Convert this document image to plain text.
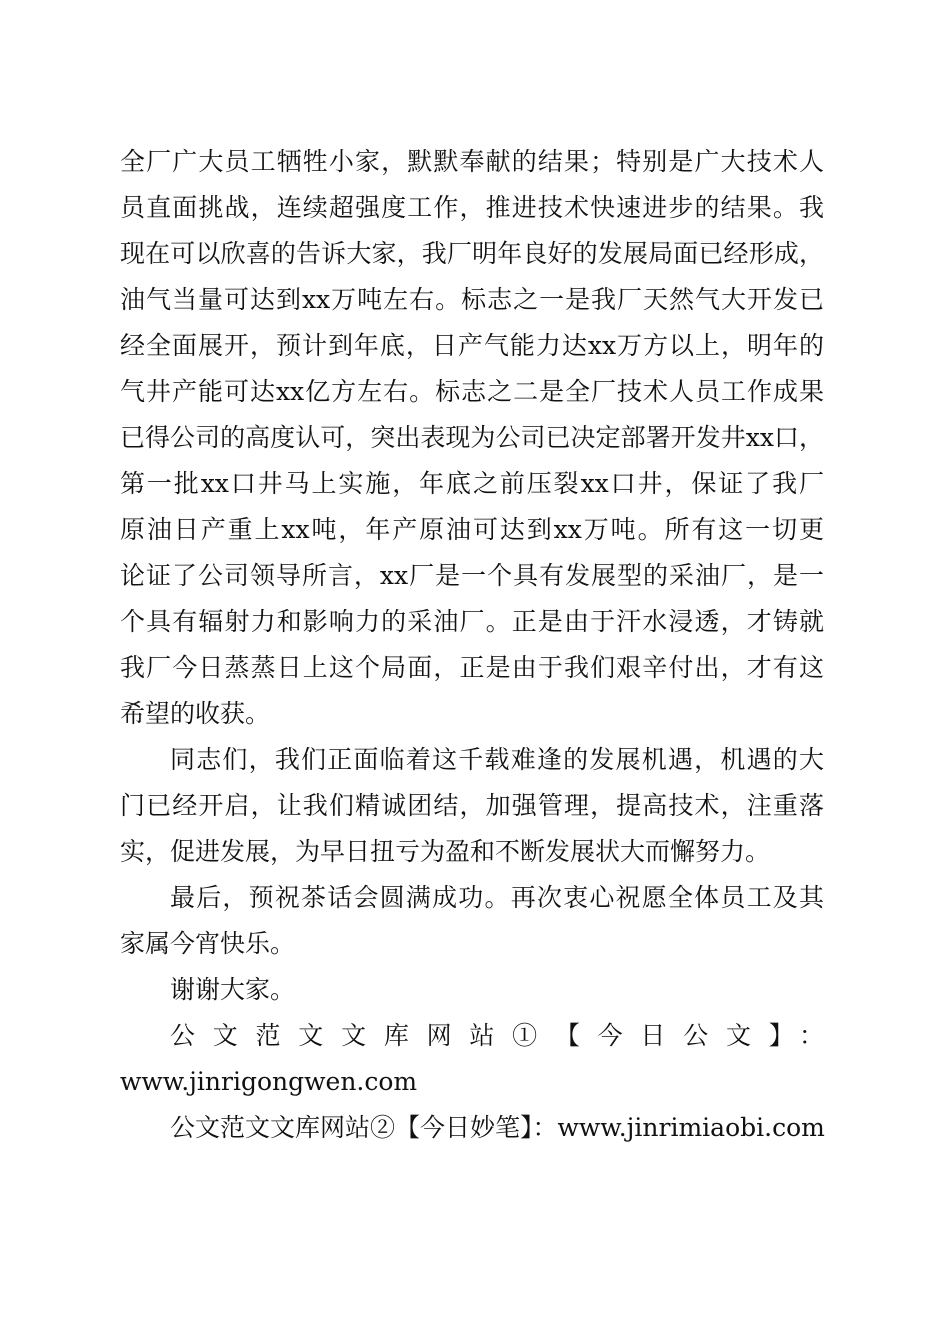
全厂广大员工牺牲小家，默默奉献的结果；特别是广大技术人
员直面挑战，连续超强度工作，推进技术快速进步的结果。我
现在可以欣喜的告诉大家，我厂明年良好的发展局面已经形成，
油气当量可达到xx万吨左右。标志之一是我厂天然气大开发已
经全面展开，预计到年底，日产气能力达xx万方以上，明年的
气井产能可达xx亿方左右。标志之二是全厂技术人员工作成果
已得公司的高度认可，突出表现为公司已决定部署开发井xx口，
第一批xx口井马上实施，年底之前压裂xx口井，保证了我厂
原油日产重上xx吨，年产原油可达到xx万吨。所有这一切更
论证了公司领导所言，xx厂是一个具有发展型的采油厂，是一
个具有辐射力和影响力的采油厂。正是由于汗水浸透，才铸就
我厂今日蒸蒸日上这个局面，正是由于我们艰辛付出，才有这
希望的收获。
同志们，我们正面临着这千载难逢的发展机遇，机遇的大
门已经开启，让我们精诚团结，加强管理，提高技术，注重落
实，促进发展，为早日扭亏为盈和不断发展状大而懈努力。
最后，预祝茶话会圆满成功。再次衷心祝愿全体员工及其
家属今宵快乐。
谢谢大家。
公文范文文库网站①【今日公文】：
www.jinrigongwen.com
公文范文文库网站②【今日妙笔】：www.jinrimiaobi.com
